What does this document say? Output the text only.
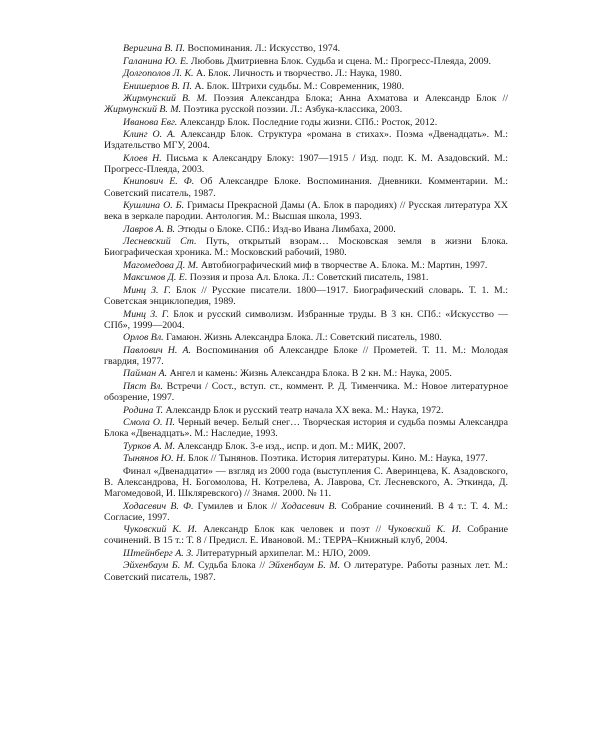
Веригина В. П. Воспоминания. Л.: Искусство, 1974.

Галанина Ю. Е. Любовь Дмитриевна Блок. Судьба и сцена. М.: Прогресс-Плеяда, 2009.

Долгополов Л. К. А. Блок. Личность и творчество. Л.: Наука, 1980.

Енишерлов В. П. А. Блок. Штрихи судьбы. М.: Современник, 1980.

Жирмунский В. М. Поэзия Александра Блока; Анна Ахматова и Александр Блок // Жирмунский В. М. Поэтика русской поэзии. Л.: Азбука-классика, 2003.

Иванова Евг. Александр Блок. Последние годы жизни. СПб.: Росток, 2012.

Клинг О. А. Александр Блок. Структура «романа в стихах». Поэма «Двенадцать». М.: Издательство МГУ, 2004.

Клоев Н. Письма к Александру Блоку: 1907—1915 / Изд. подг. К. М. Азадовский. М.: Прогресс-Плеяда, 2003.

Книпович Е. Ф. Об Александре Блоке. Воспоминания. Дневники. Комментарии. М.: Советский писатель, 1987.

Кушлина О. Б. Гримасы Прекрасной Дамы (А. Блок в пародиях) // Русская литература XX века в зеркале пародии. Антология. М.: Высшая школа, 1993.

Лавров А. В. Этюды о Блоке. СПб.: Изд-во Ивана Лимбаха, 2000.

Лесневский Ст. Путь, открытый взорам… Московская земля в жизни Блока. Биографическая хроника. М.: Московский рабочий, 1980.

Магомедова Д. М. Автобиографический миф в творчестве А. Блока. М.: Мартин, 1997.

Максимов Д. Е. Поэзия и проза Ал. Блока. Л.: Советский писатель, 1981.

Минц З. Г. Блок // Русские писатели. 1800—1917. Биографический словарь. Т. 1. М.: Советская энциклопедия, 1989.

Минц З. Г. Блок и русский символизм. Избранные труды. В 3 кн. СПб.: «Искусство — СПб», 1999—2004.

Орлов Вл. Гамаюн. Жизнь Александра Блока. Л.: Советский писатель, 1980.

Павлович Н. А. Воспоминания об Александре Блоке // Прометей. Т. 11. М.: Молодая гвардия, 1977.

Пайман А. Ангел и камень: Жизнь Александра Блока. В 2 кн. М.: Наука, 2005.

Пяст Вл. Встречи / Сост., вступ. ст., коммент. Р. Д. Тименчика. М.: Новое литературное обозрение, 1997.

Родина Т. Александр Блок и русский театр начала XX века. М.: Наука, 1972.

Смола О. П. Черный вечер. Белый снег… Творческая история и судьба поэмы Александра Блока «Двенадцать». М.: Наследие, 1993.

Турков А. М. Александр Блок. 3-е изд., испр. и доп. М.: МИК, 2007.

Тынянов Ю. Н. Блок // Тынянов. Поэтика. История литературы. Кино. М.: Наука, 1977.

Финал «Двенадцати» — взгляд из 2000 года (выступления С. Аверинцева, К. Азадовского, В. Александрова, Н. Богомолова, Н. Котрелева, А. Лаврова, Ст. Лесневского, А. Эткинда, Д. Магомедовой, И. Шкляревского) // Знамя. 2000. № 11.

Ходасевич В. Ф. Гумилев и Блок // Ходасевич В. Собрание сочинений. В 4 т.: Т. 4. М.: Согласие, 1997.

Чуковский К. И. Александр Блок как человек и поэт // Чуковский К. И. Собрание сочинений. В 15 т.: Т. 8 / Предисл. Е. Ивановой. М.: ТЕРРА–Книжный клуб, 2004.

Штейнберг А. З. Литературный архипелаг. М.: НЛО, 2009.

Эйхенбаум Б. М. Судьба Блока // Эйхенбаум Б. М. О литературе. Работы разных лет. М.: Советский писатель, 1987.
